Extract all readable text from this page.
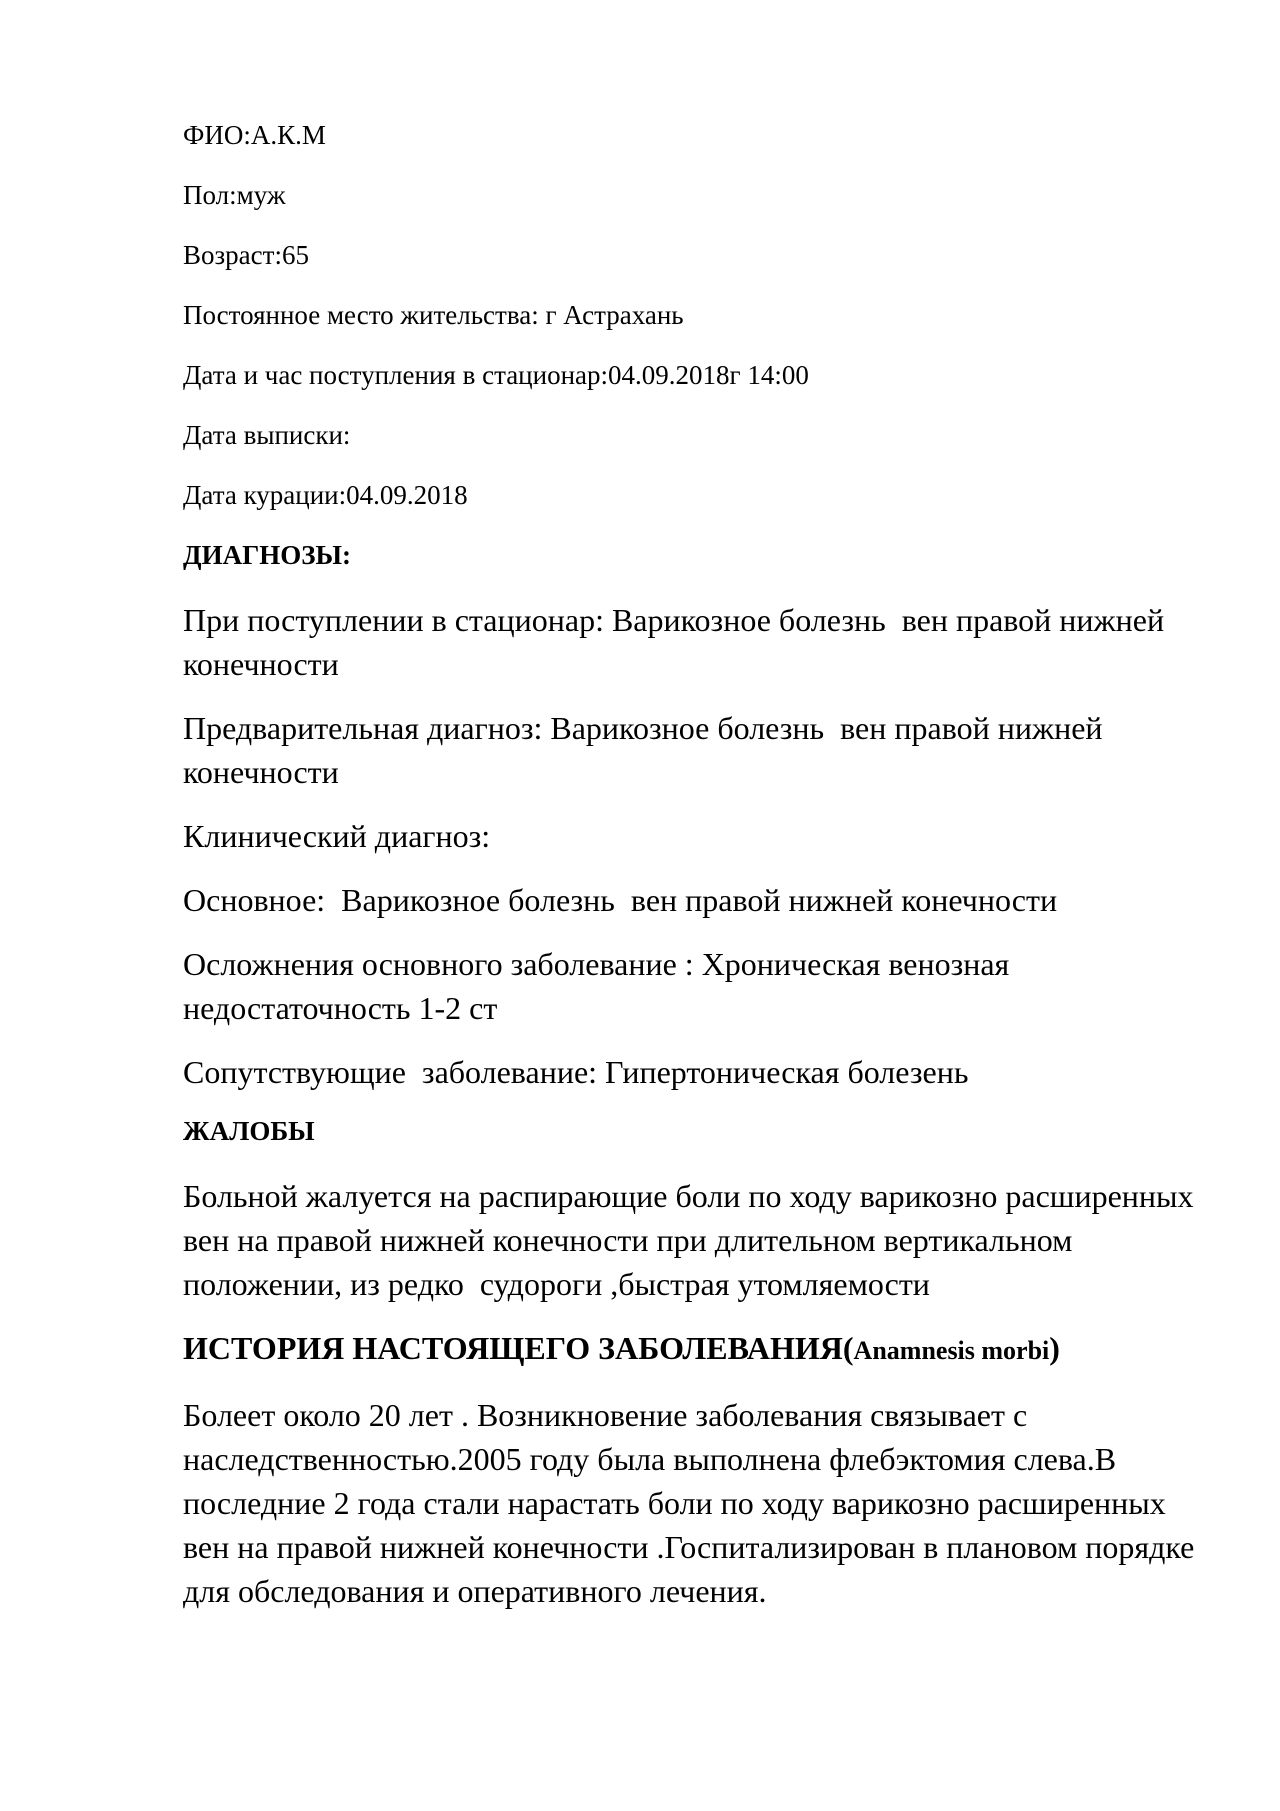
ФИО:А.К.М

Пол:муж

Возраст:65

Постоянное место жительства: г Астрахань

Дата и час поступления в стационар:04.09.2018г 14:00

Дата выписки:

Дата курации:04.09.2018

ДИАГНОЗЫ:

При поступлении в стационар: Варикозное болезнь  вен правой нижней конечности

Предварительная диагноз: Варикозное болезнь  вен правой нижней конечности

Клинический диагноз:

Основное:  Варикозное болезнь  вен правой нижней конечности

Осложнения основного заболевание : Хроническая венозная недостаточность 1-2 ст

Сопутствующие  заболевание: Гипертоническая болезень

ЖАЛОБЫ

Больной жалуется на распирающие боли по ходу варикозно расширенных вен на правой нижней конечности при длительном вертикальном  положении, из редко  судороги ,быстрая утомляемости

ИСТОРИЯ НАСТОЯЩЕГО ЗАБОЛЕВАНИЯ(Anamnesis morbi)

Болеет около 20 лет . Возникновение заболевания связывает с наследственностью.2005 году была выполнена флебэктомия слева.В последние 2 года стали нарастать боли по ходу варикозно расширенных вен на правой нижней конечности .Госпитализирован в плановом порядке для обследования и оперативного лечения.
